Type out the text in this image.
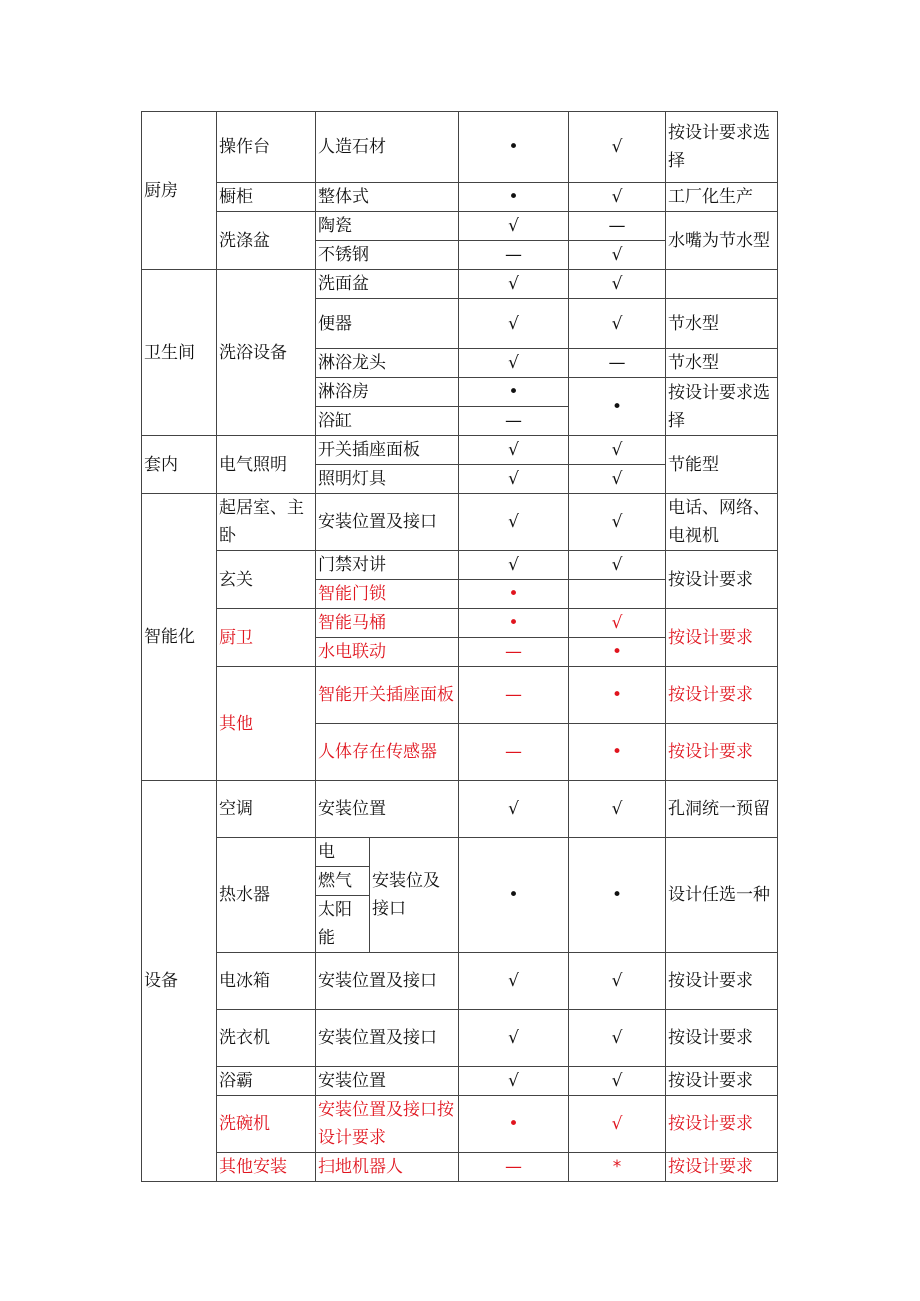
厨房	操作台	人造石材		•	√	按设计要求选择
	橱柜	整体式		•	√	工厂化生产
	洗涤盆	陶瓷		√	—	水嘴为节水型
		不锈钢		—	√	
卫生间	洗浴设备	洗面盆		√	√	
		便器		√	√	节水型
		淋浴龙头		√	—	节水型
		淋浴房		•	•	按设计要求选择
		浴缸		—		
套内	电气照明	开关插座面板		√	√	节能型
		照明灯具		√	√	
智能化	起居室、主卧	安装位置及接口		√	√	电话、网络、电视机
	玄关	门禁对讲		√	√	按设计要求
		智能门锁		•		
	厨卫	智能马桶		•	√	按设计要求
		水电联动		—	•	
	其他	智能开关插座面板		—	•	按设计要求
		人体存在传感器		—	•	按设计要求
设备	空调	安装位置		√	√	孔洞统一预留
	热水器	电	安装位及接口	•	•	设计任选一种
		燃气				
		太阳能				
	电冰箱	安装位置及接口		√	√	按设计要求
	洗衣机	安装位置及接口		√	√	按设计要求
	浴霸	安装位置		√	√	按设计要求
	洗碗机	安装位置及接口按设计要求		•	√	按设计要求
	其他安装	扫地机器人		—	*	按设计要求
